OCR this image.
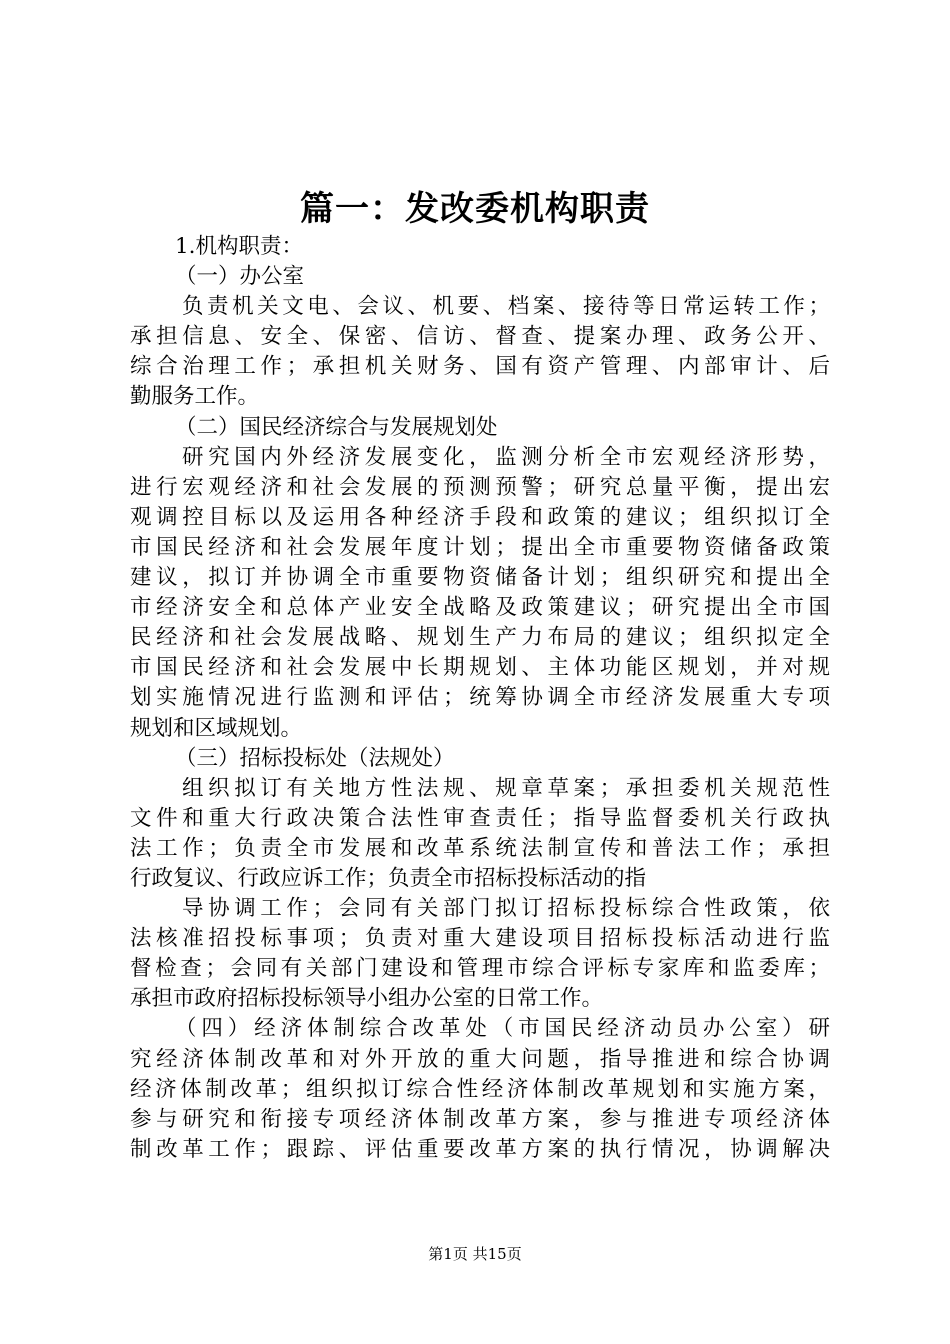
篇一：发改委机构职责
1.机构职责：
（一）办公室
负责机关文电、会议、机要、档案、接待等日常运转工作；
承担信息、安全、保密、信访、督查、提案办理、政务公开、
综合治理工作；承担机关财务、国有资产管理、内部审计、后
勤服务工作。
（二）国民经济综合与发展规划处
研究国内外经济发展变化，监测分析全市宏观经济形势，
进行宏观经济和社会发展的预测预警；研究总量平衡，提出宏
观调控目标以及运用各种经济手段和政策的建议；组织拟订全
市国民经济和社会发展年度计划；提出全市重要物资储备政策
建议，拟订并协调全市重要物资储备计划；组织研究和提出全
市经济安全和总体产业安全战略及政策建议；研究提出全市国
民经济和社会发展战略、规划生产力布局的建议；组织拟定全
市国民经济和社会发展中长期规划、主体功能区规划，并对规
划实施情况进行监测和评估；统筹协调全市经济发展重大专项
规划和区域规划。
（三）招标投标处（法规处）
组织拟订有关地方性法规、规章草案；承担委机关规范性
文件和重大行政决策合法性审查责任；指导监督委机关行政执
法工作；负责全市发展和改革系统法制宣传和普法工作；承担
行政复议、行政应诉工作；负责全市招标投标活动的指
导协调工作；会同有关部门拟订招标投标综合性政策，依
法核准招投标事项；负责对重大建设项目招标投标活动进行监
督检查；会同有关部门建设和管理市综合评标专家库和监委库；
承担市政府招标投标领导小组办公室的日常工作。
（四）经济体制综合改革处（市国民经济动员办公室）研
究经济体制改革和对外开放的重大问题，指导推进和综合协调
经济体制改革；组织拟订综合性经济体制改革规划和实施方案，
参与研究和衔接专项经济体制改革方案，参与推进专项经济体
制改革工作；跟踪、评估重要改革方案的执行情况，协调解决
第1页 共15页
